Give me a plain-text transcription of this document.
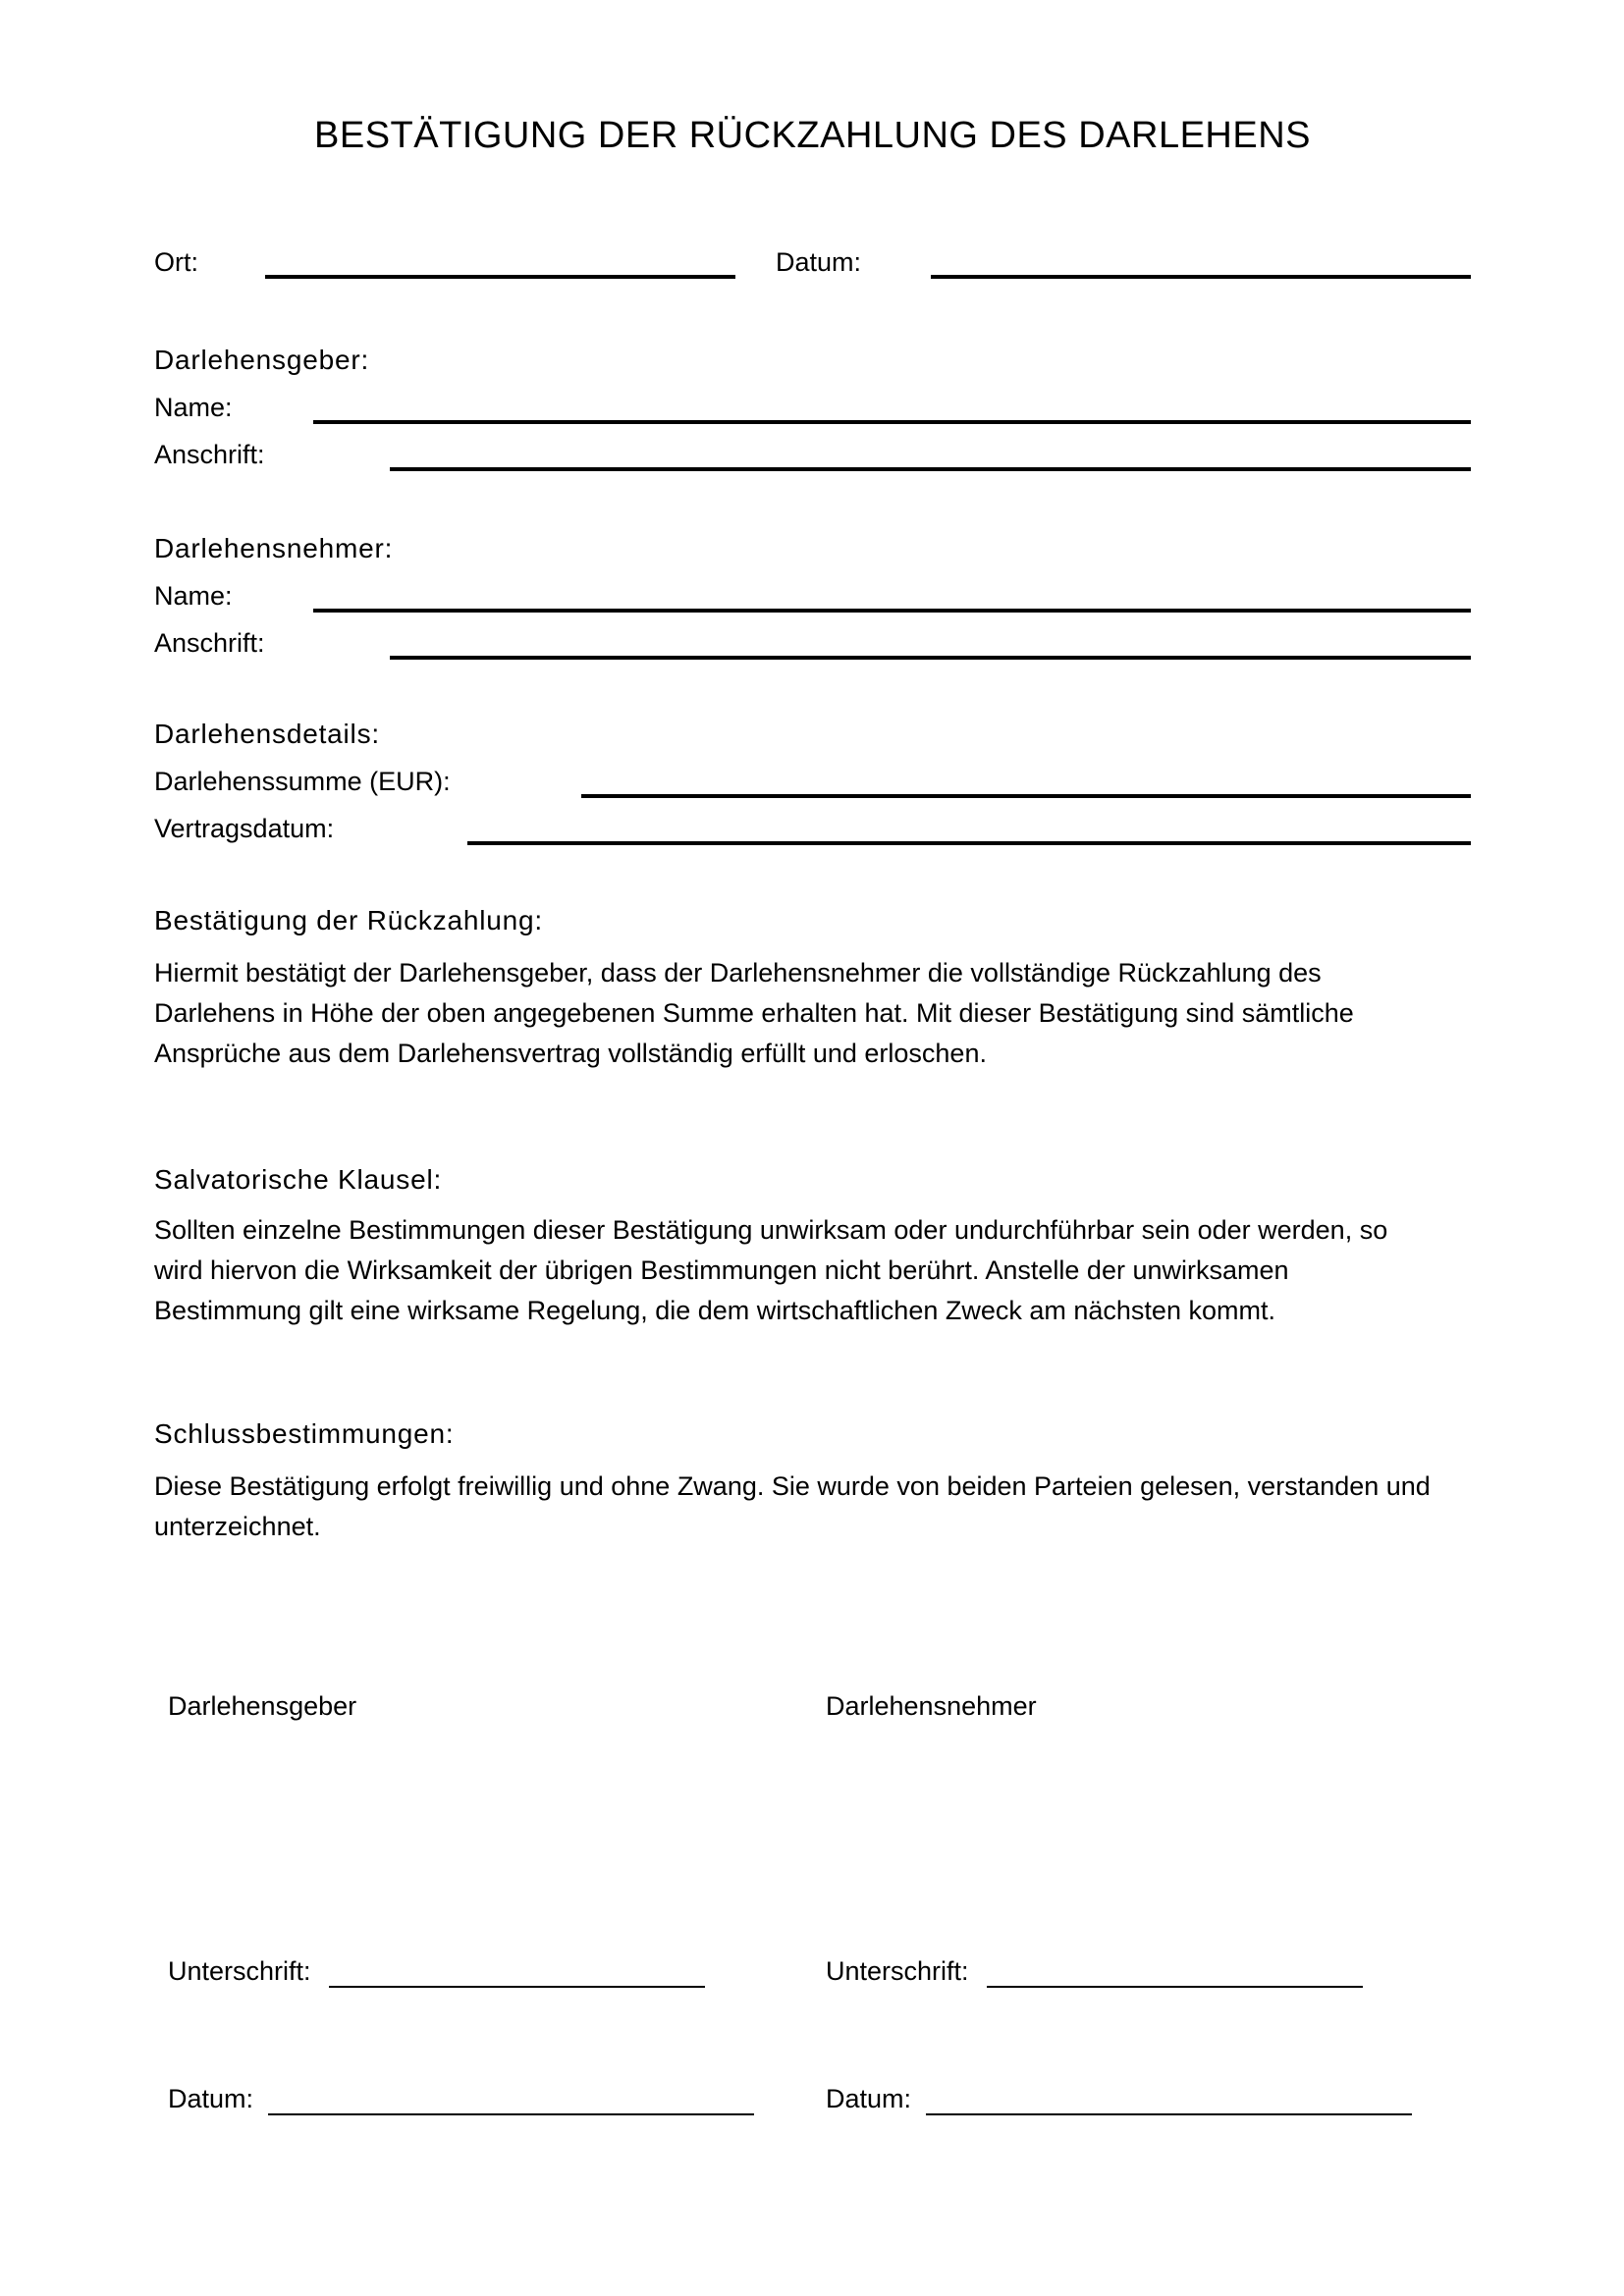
BESTÄTIGUNG DER RÜCKZAHLUNG DES DARLEHENS
Ort:	Datum:
Darlehensgeber:
Name:
Anschrift:
Darlehensnehmer:
Name:
Anschrift:
Darlehensdetails:
Darlehenssumme (EUR):
Vertragsdatum:
Bestätigung der Rückzahlung:
Hiermit bestätigt der Darlehensgeber, dass der Darlehensnehmer die vollständige Rückzahlung des
Darlehens in Höhe der oben angegebenen Summe erhalten hat. Mit dieser Bestätigung sind sämtliche
Ansprüche aus dem Darlehensvertrag vollständig erfüllt und erloschen.
Salvatorische Klausel:
Sollten einzelne Bestimmungen dieser Bestätigung unwirksam oder undurchführbar sein oder werden, so
wird hiervon die Wirksamkeit der übrigen Bestimmungen nicht berührt. Anstelle der unwirksamen
Bestimmung gilt eine wirksame Regelung, die dem wirtschaftlichen Zweck am nächsten kommt.
Schlussbestimmungen:
Diese Bestätigung erfolgt freiwillig und ohne Zwang. Sie wurde von beiden Parteien gelesen, verstanden und
unterzeichnet.
Darlehensgeber
Unterschrift:
Datum:
Darlehensnehmer
Unterschrift:
Datum:
